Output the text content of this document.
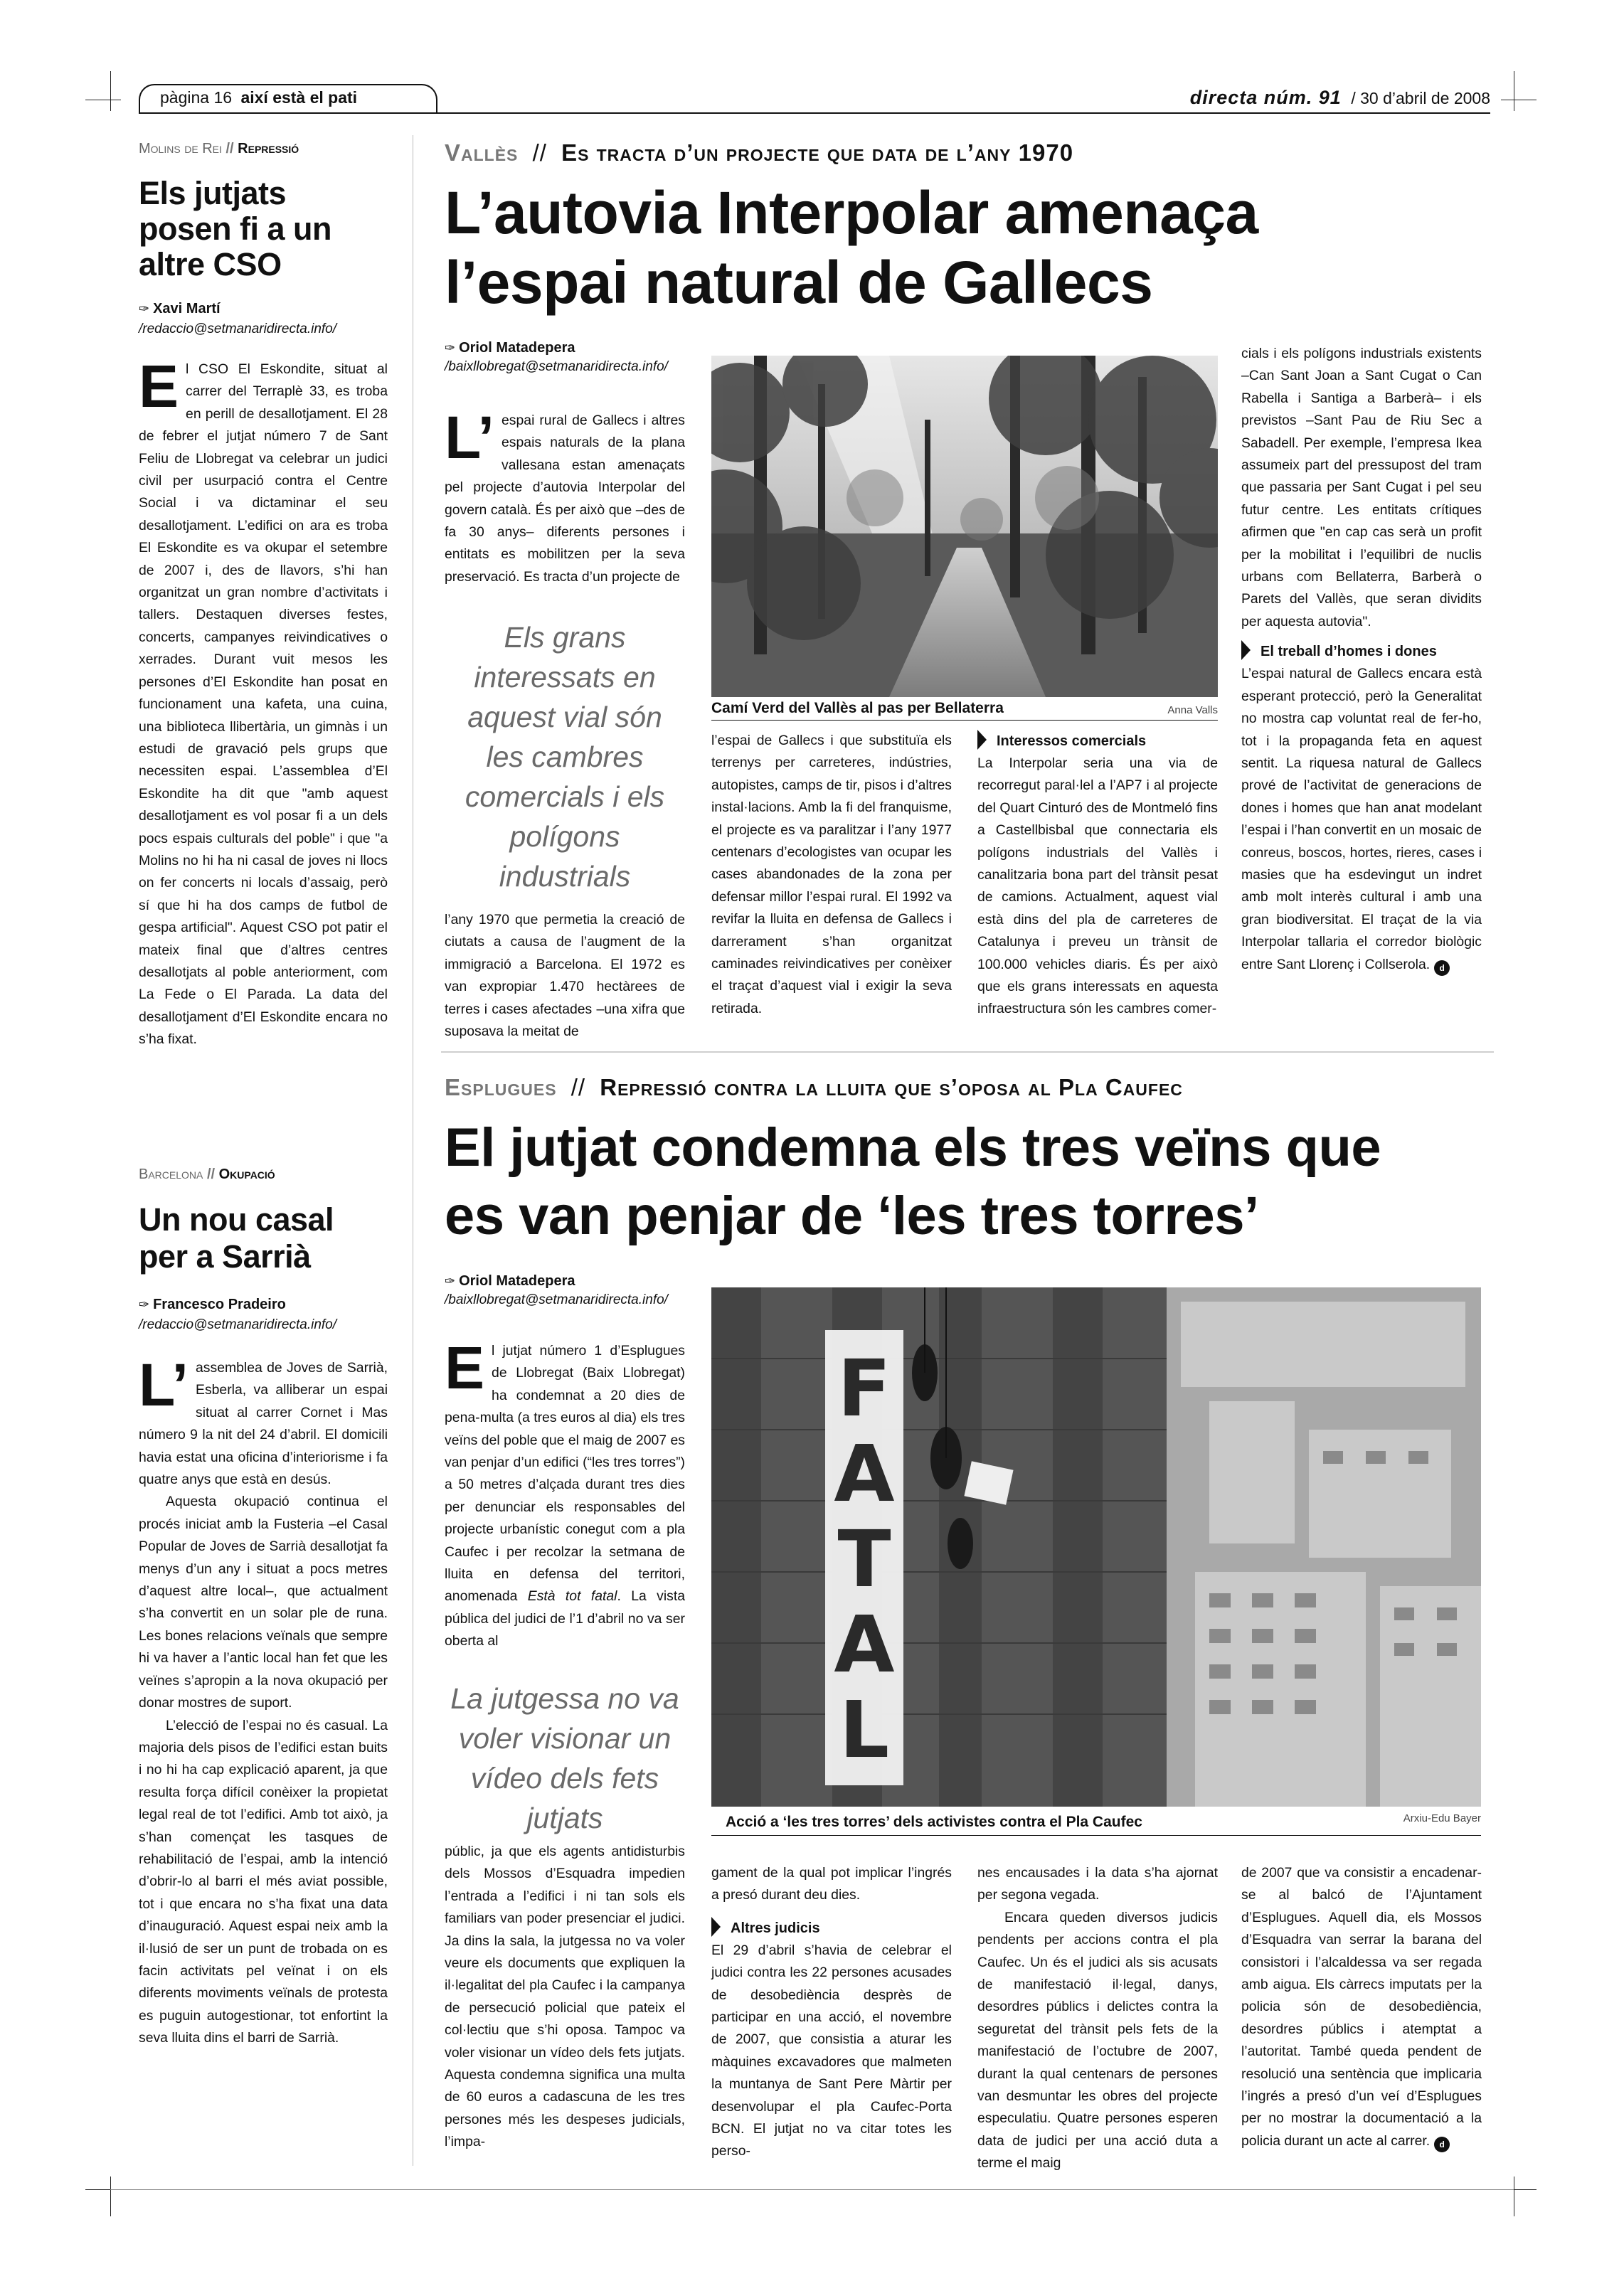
pàgina 16 així està el pati	directa núm. 91 / 30 d’abril de 2008
Molins de Rei // Repressió
Els jutjats posen fi a un altre CSO
✑ Xavi Martí
/redaccio@setmanaridirecta.info/

El CSO El Eskondite, situat al carrer del Terraplè 33, es troba en perill de desallotjament. El 28 de febrer el jutjat número 7 de Sant Feliu de Llobregat va celebrar un judici civil per usurpació contra el Centre Social i va dictaminar el seu desallotjament. L’edifici on ara es troba El Eskondite es va okupar el setembre de 2007 i, des de llavors, s’hi han organitzat un gran nombre d’activitats i tallers. Destaquen diverses festes, concerts, campanyes reivindicatives o xerrades. Durant vuit mesos les persones d’El Eskondite han posat en funcionament una kafeta, una cuina, una biblioteca llibertària, un gimnàs i un estudi de gravació pels grups que necessiten espai. L’assemblea d’El Eskondite ha dit que "amb aquest desallotjament es vol posar fi a un dels pocs espais culturals del poble" i que "a Molins no hi ha ni casal de joves ni llocs on fer concerts ni locals d’assaig, però sí que hi ha dos camps de futbol de gespa artificial". Aquest CSO pot patir el mateix final que d’altres centres desallotjats al poble anteriorment, com La Fede o El Parada. La data del desallotjament d’El Eskondite encara no s’ha fixat.

Barcelona // Okupació
Un nou casal per a Sarrià
✑ Francesco Pradeiro
/redaccio@setmanaridirecta.info/

L’ assemblea de Joves de Sarrià, Esberla, va alliberar un espai situat al carrer Cornet i Mas número 9 la nit del 24 d’abril. El domicili havia estat una oficina d’interiorisme i fa quatre anys que està en desús.

Aquesta okupació continua el procés iniciat amb la Fusteria –el Casal Popular de Joves de Sarrià desallotjat fa menys d’un any i situat a pocs metres d’aquest altre local–, que actualment s’ha convertit en un solar ple de runa. Les bones relacions veïnals que sempre hi va haver a l’antic local han fet que les veïnes s’apropin a la nova okupació per donar mostres de suport.

L’elecció de l’espai no és casual. La majoria dels pisos de l’edifici estan buits i no hi ha cap explicació aparent, ja que resulta força difícil conèixer la propietat legal real de tot l’edifici. Amb tot això, ja s’han començat les tasques de rehabilitació de l’espai, amb la intenció d’obrir-lo al barri el més aviat possible, tot i que encara no s’ha fixat una data d’inauguració. Aquest espai neix amb la il·lusió de ser un punt de trobada on es facin activitats pel veïnat i on els diferents moviments veïnals de protesta es puguin autogestionar, tot enfortint la seva lluita dins el barri de Sarrià.

Vallès // Es tracta d’un projecte que data de l’any 1970
L’autovia Interpolar amenaça
l’espai natural de Gallecs
✑ Oriol Matadepera
/baixllobregat@setmanaridirecta.info/

L’ espai rural de Gallecs i altres espais naturals de la plana vallesana estan amenaçats pel projecte d’autovia Interpolar del govern català. És per això que –des de fa 30 anys– diferents persones i entitats es mobilitzen per la seva preservació. Es tracta d’un projecte de

Els grans interessats en aquest vial són les cambres comercials i els polígons industrials

l’any 1970 que permetia la creació de ciutats a causa de l’augment de la immigració a Barcelona. El 1972 es van expropiar 1.470 hectàrees de terres i cases afectades –una xifra que suposava la meitat de

Camí Verd del Vallès al pas per Bellaterra	Anna Valls

l’espai de Gallecs i que substituïa els terrenys per carreteres, indústries, autopistes, camps de tir, pisos i d’altres instal·lacions. Amb la fi del franquisme, el projecte es va paralitzar i l’any 1977 centenars d’ecologistes van ocupar les cases abandonades de la zona per defensar millor l’espai rural. El 1992 va revifar la lluita en defensa de Gallecs i darrerament s’han organitzat caminades reivindicatives per conèixer el traçat d’aquest vial i exigir la seva retirada.

Interessos comercials

La Interpolar seria una via de recorregut paral·lel a l’AP7 i al projecte del Quart Cinturó des de Montmeló fins a Castellbisbal que connectaria els polígons industrials del Vallès i canalitzaria bona part del trànsit pesat de camions. Actualment, aquest vial està dins del pla de carreteres de Catalunya i preveu un trànsit de 100.000 vehicles diaris. És per això que els grans interessats en aquesta infraestructura són les cambres comer-

cials i els polígons industrials existents –Can Sant Joan a Sant Cugat o Can Rabella i Santiga a Barberà– i els previstos –Sant Pau de Riu Sec a Sabadell. Per exemple, l’empresa Ikea assumeix part del pressupost del tram que passaria per Sant Cugat i pel seu futur centre. Les entitats crítiques afirmen que "en cap cas serà un profit per la mobilitat i l’equilibri de nuclis urbans com Bellaterra, Barberà o Parets del Vallès, que seran dividits per aquesta autovia".

El treball d’homes i dones

L’espai natural de Gallecs encara està esperant protecció, però la Generalitat no mostra cap voluntat real de fer-ho, tot i la propaganda feta en aquest sentit. La riquesa natural de Gallecs prové de l’activitat de generacions de dones i homes que han anat modelant l’espai i l’han convertit en un mosaic de conreus, boscos, hortes, rieres, cases i masies que ha esdevingut un indret amb molt interès cultural i amb una gran biodiversitat. El traçat de la via Interpolar tallaria el corredor biològic entre Sant Llorenç i Collserola. d

Esplugues // Repressió contra la lluita que s’oposa al Pla Caufec
El jutjat condemna els tres veïns que
es van penjar de ‘les tres torres’
✑ Oriol Matadepera
/baixllobregat@setmanaridirecta.info/

El jutjat número 1 d’Esplugues de Llobregat (Baix Llobregat) ha condemnat a 20 dies de pena-multa (a tres euros al dia) els tres veïns del poble que el maig de 2007 es van penjar d’un edifici (“les tres torres”) a 50 metres d’alçada durant tres dies per denunciar els responsables del projecte urbanístic conegut com a pla Caufec i per recolzar la setmana de lluita en defensa del territori, anomenada Està tot fatal. La vista pública del judici de l’1 d’abril no va ser oberta al

La jutgessa no va voler visionar un vídeo dels fets jutjats

públic, ja que els agents antidisturbis dels Mossos d’Esquadra impedien l’entrada a l’edifici i ni tan sols els familiars van poder presenciar el judici. Ja dins la sala, la jutgessa no va voler veure els documents que expliquen la il·legalitat del pla Caufec i la campanya de persecució policial que pateix el col·lectiu que s’hi oposa. Tampoc va voler visionar un vídeo dels fets jutjats. Aquesta condemna significa una multa de 60 euros a cadascuna de les tres persones més les despeses judicials, l’impa-

F
A
T
A
L
Acció a ‘les tres torres’ dels activistes contra el Pla Caufec	Arxiu-Edu Bayer

gament de la qual pot implicar l’ingrés a presó durant deu dies.

Altres judicis

El 29 d’abril s’havia de celebrar el judici contra les 22 persones acusades de desobediència desprès de participar en una acció, el novembre de 2007, que consistia a aturar les màquines excavadores que malmeten la muntanya de Sant Pere Màrtir per desenvolupar el pla Caufec-Porta BCN. El jutjat no va citar totes les perso-

nes encausades i la data s’ha ajornat per segona vegada.

Encara queden diversos judicis pendents per accions contra el pla Caufec. Un és el judici als sis acusats de manifestació il·legal, danys, desordres públics i delictes contra la seguretat del trànsit pels fets de la manifestació de l’octubre de 2007, durant la qual centenars de persones van desmuntar les obres del projecte especulatiu. Quatre persones esperen data de judici per una acció duta a terme el maig

de 2007 que va consistir a encadenar-se al balcó de l’Ajuntament d’Esplugues. Aquell dia, els Mossos d’Esquadra van serrar la barana del consistori i l’alcaldessa va ser regada amb aigua. Els càrrecs imputats per la policia són de desobediència, desordres públics i atemptat a l’autoritat. També queda pendent de resolució una sentència que implicaria l’ingrés a presó d’un veí d’Esplugues per no mostrar la documentació a la policia durant un acte al carrer. d
